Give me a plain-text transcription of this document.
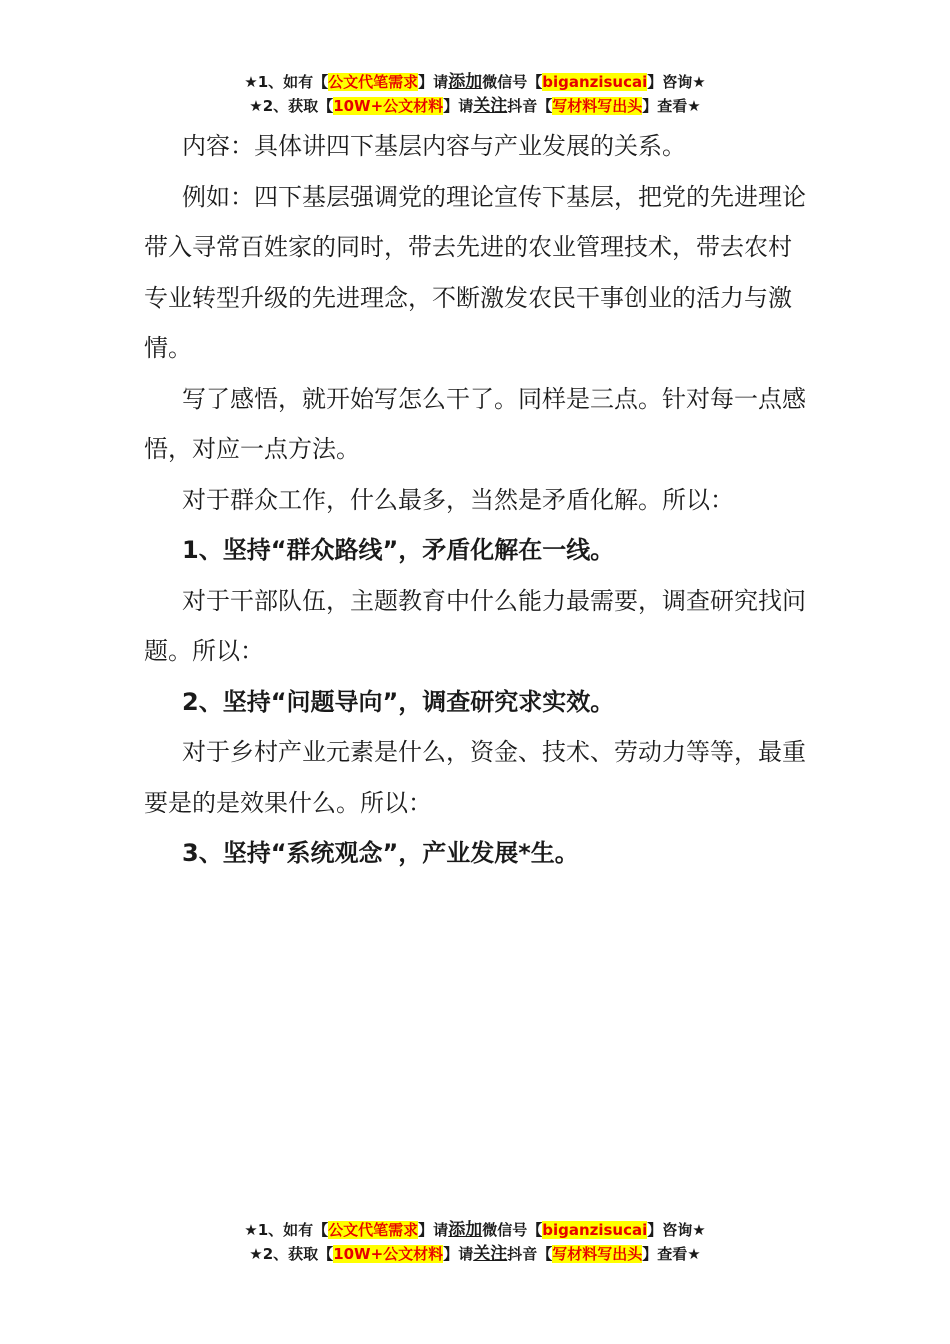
★1、如有【公文代笔需求】请添加微信号【biganzisucai】咨询★
★2、获取【10W+公文材料】请关注抖音【写材料写出头】查看★

内容：具体讲四下基层内容与产业发展的关系。

例如：四下基层强调党的理论宣传下基层，把党的先进理论带入寻常百姓家的同时，带去先进的农业管理技术，带去农村专业转型升级的先进理念，不断激发农民干事创业的活力与激情。

写了感悟，就开始写怎么干了。同样是三点。针对每一点感悟，对应一点方法。

对于群众工作，什么最多，当然是矛盾化解。所以：

1、坚持“群众路线”，矛盾化解在一线。

对于干部队伍，主题教育中什么能力最需要，调查研究找问题。所以：

2、坚持“问题导向”，调查研究求实效。

对于乡村产业元素是什么，资金、技术、劳动力等等，最重要是的是效果什么。所以：

3、坚持“系统观念”，产业发展*生。

★1、如有【公文代笔需求】请添加微信号【biganzisucai】咨询★
★2、获取【10W+公文材料】请关注抖音【写材料写出头】查看★
